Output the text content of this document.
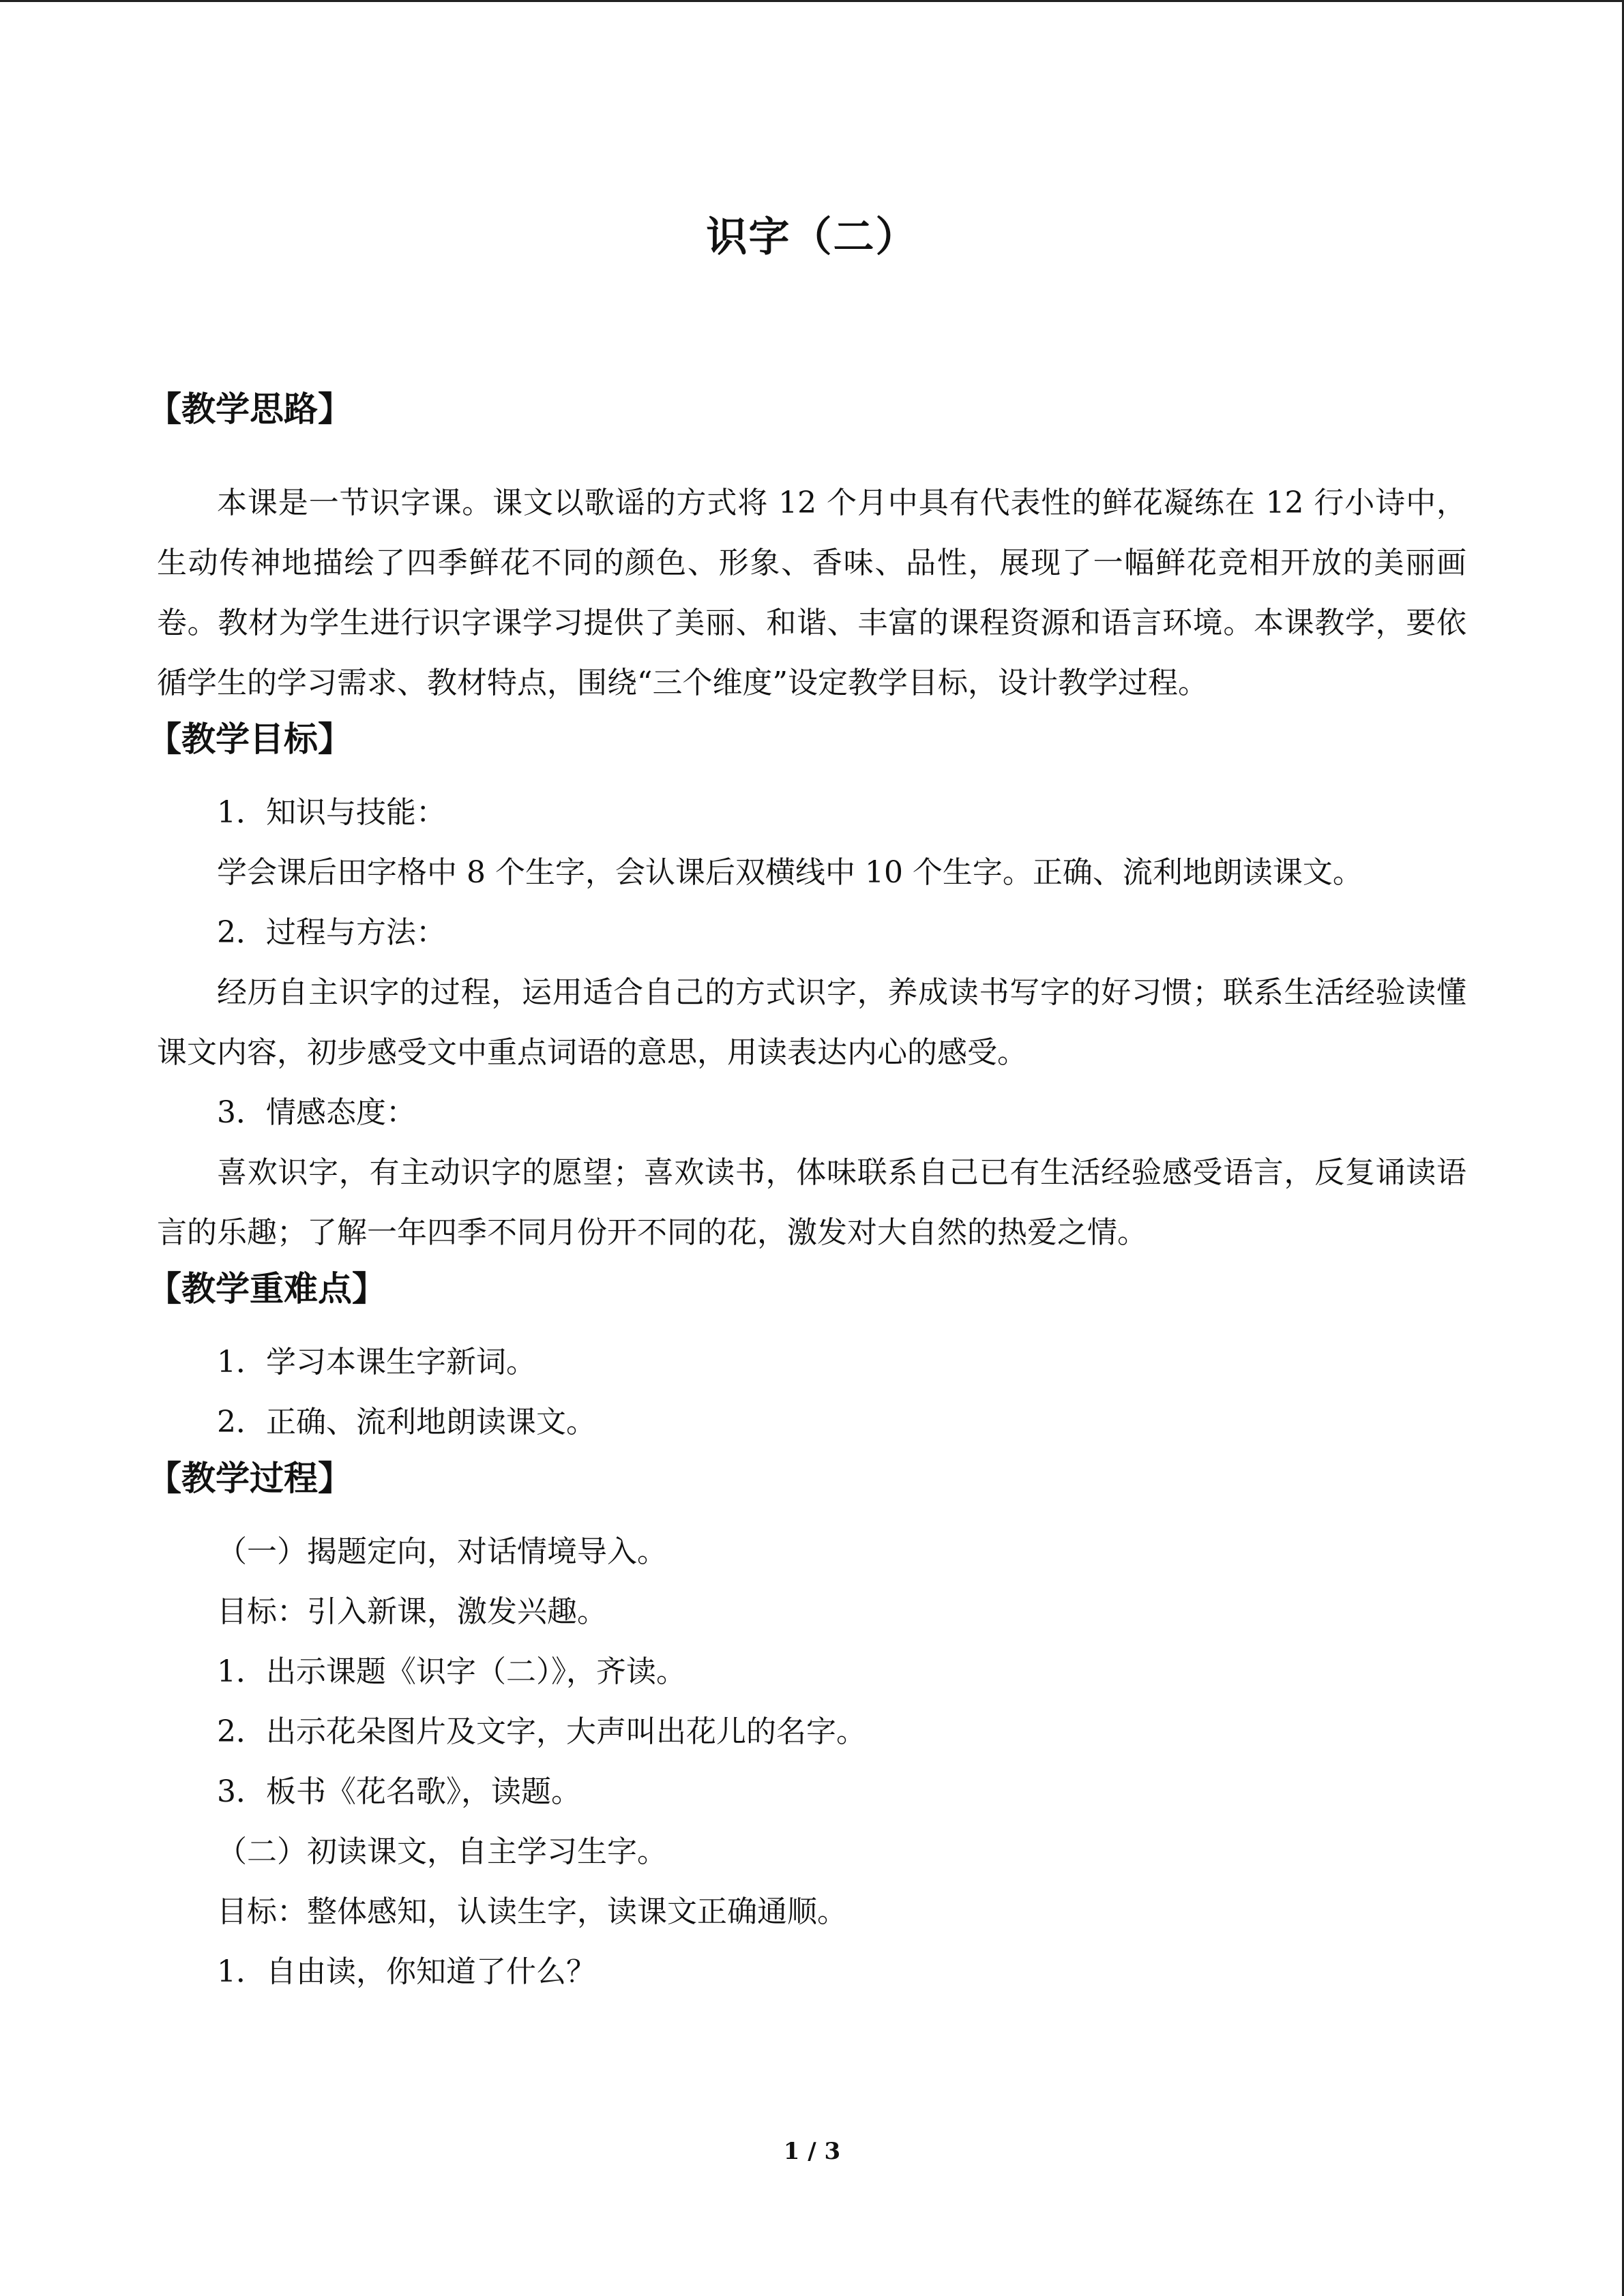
识字（二）
【教学思路】
本课是一节识字课。课文以歌谣的方式将 12 个月中具有代表性的鲜花凝练在 12 行小诗中，生动传神地描绘了四季鲜花不同的颜色、形象、香味、品性，展现了一幅鲜花竞相开放的美丽画卷。教材为学生进行识字课学习提供了美丽、和谐、丰富的课程资源和语言环境。本课教学，要依循学生的学习需求、教材特点，围绕“三个维度”设定教学目标，设计教学过程。
【教学目标】
1．知识与技能：
学会课后田字格中 8 个生字，会认课后双横线中 10 个生字。正确、流利地朗读课文。
2．过程与方法：
经历自主识字的过程，运用适合自己的方式识字，养成读书写字的好习惯；联系生活经验读懂课文内容，初步感受文中重点词语的意思，用读表达内心的感受。
3．情感态度：
喜欢识字，有主动识字的愿望；喜欢读书，体味联系自己已有生活经验感受语言，反复诵读语言的乐趣；了解一年四季不同月份开不同的花，激发对大自然的热爱之情。
【教学重难点】
1．学习本课生字新词。
2．正确、流利地朗读课文。
【教学过程】
（一）揭题定向，对话情境导入。
目标：引入新课，激发兴趣。
1．出示课题《识字（二）》，齐读。
2．出示花朵图片及文字，大声叫出花儿的名字。
3．板书《花名歌》，读题。
（二）初读课文，自主学习生字。
目标：整体感知，认读生字，读课文正确通顺。
1．自由读，你知道了什么？
1 / 3
